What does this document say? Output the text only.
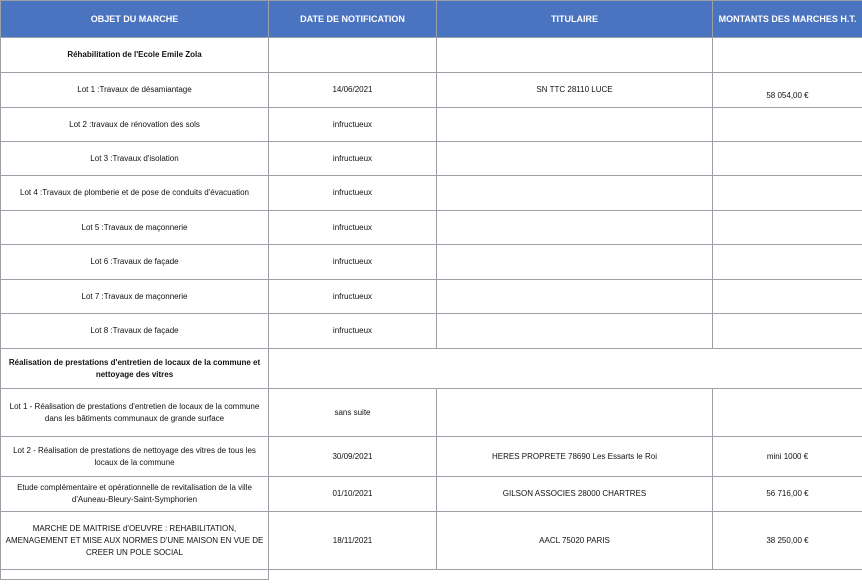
OBJET DU MARCHE	DATE DE NOTIFICATION	TITULAIRE	MONTANTS DES MARCHES H.T.
Réhabilitation de l'Ecole Emile Zola			
Lot 1 :Travaux de désamiantage	14/06/2021	SN TTC 28110 LUCE	58 054,00 €
Lot 2 :travaux de rénovation des sols	infructueux		
Lot 3 :Travaux d'isolation	infructueux		
Lot 4 :Travaux de plomberie et de pose de conduits d'évacuation	infructueux		
Lot 5 :Travaux de maçonnerie	infructueux		
Lot 6 :Travaux de façade	infructueux		
Lot 7 :Travaux de maçonnerie	infructueux		
Lot 8 :Travaux de façade	infructueux		
Réalisation de prestations d'entretien de locaux de la commune et nettoyage des vitres			
Lot 1 - Réalisation de prestations d'entretien de locaux de la commune dans les bâtiments communaux de grande surface	sans suite		
Lot 2 - Réalisation de prestations de nettoyage des vitres de tous les locaux de la commune	30/09/2021	HERES PROPRETE 78690 Les Essarts le Roi	mini 1000 €
Etude complémentaire et opérationnelle de revitalisation de la ville d'Auneau-Bleury-Saint-Symphorien	01/10/2021	GILSON ASSOCIES 28000 CHARTRES	56 716,00 €
MARCHE DE MAITRISE d'OEUVRE : REHABILITATION, AMENAGEMENT ET MISE AUX NORMES D'UNE MAISON EN VUE DE CREER UN POLE SOCIAL	18/11/2021	AACL 75020 PARIS	38 250,00 €
